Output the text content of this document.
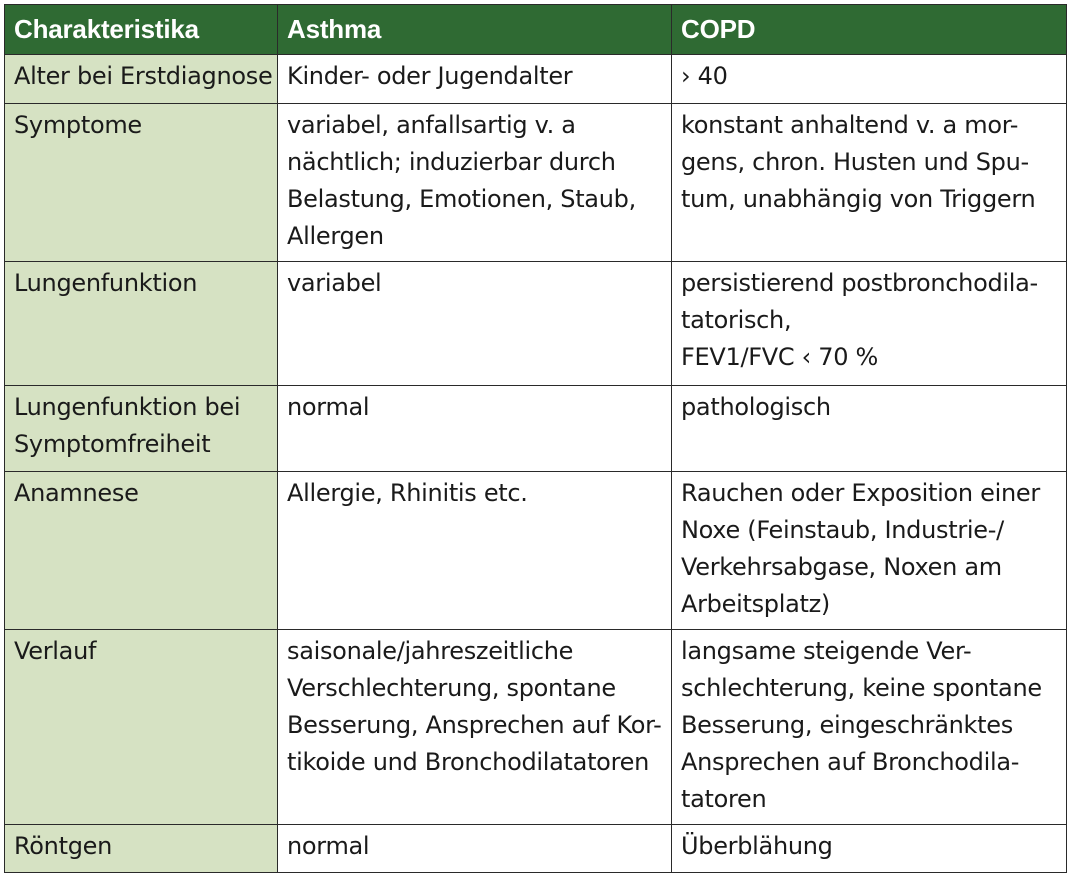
Charakteristika	Asthma	COPD

Alter bei Erstdiagnose	Kinder- oder Jugendalter	› 40

Symptome	variabel, anfallsartig v. a
nächtlich; induzierbar durch
Belastung, Emotionen, Staub,
Allergen	konstant anhaltend v. a mor-
gens, chron. Husten und Spu-
tum, unabhängig von Triggern

Lungenfunktion	variabel	persistierend postbronchodila-
tatorisch,
FEV1/FVC ‹ 70 %

Lungenfunktion bei
Symptomfreiheit	normal	pathologisch

Anamnese	Allergie, Rhinitis etc.	Rauchen oder Exposition einer
Noxe (Feinstaub, Industrie-/
Verkehrsabgase, Noxen am
Arbeitsplatz)

Verlauf	saisonale/jahreszeitliche
Verschlechterung, spontane
Besserung, Ansprechen auf Kor-
tikoide und Bronchodilatatoren	langsame steigende Ver-
schlechterung, keine spontane
Besserung, eingeschränktes
Ansprechen auf Bronchodila-
tatoren

Röntgen	normal	Überblähung
